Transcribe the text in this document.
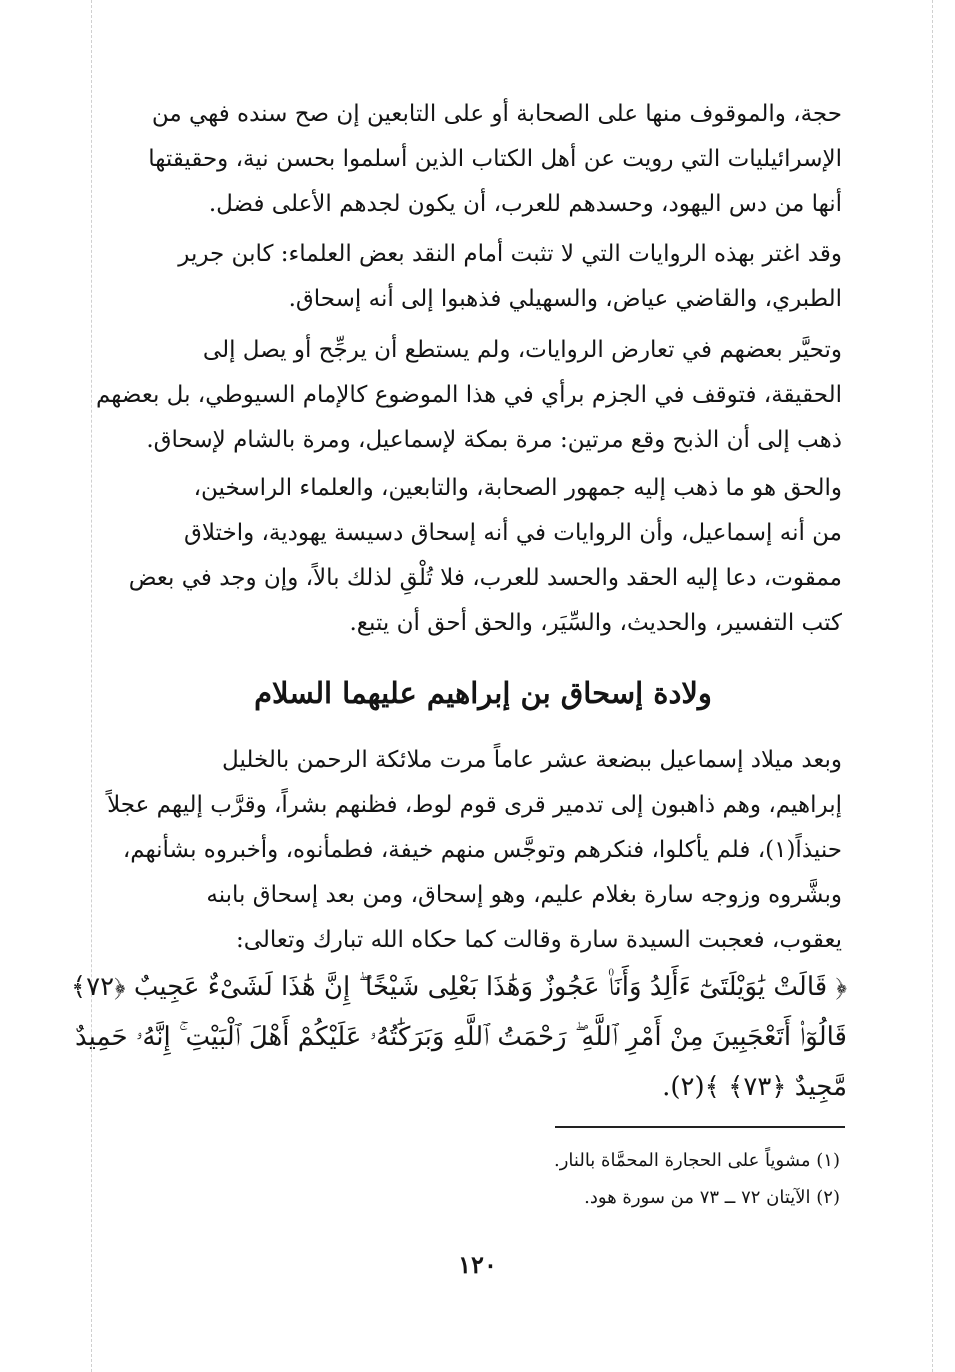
حجة، والموقوف منها على الصحابة أو على التابعين إن صح سنده فهي من

الإسرائيليات التي رويت عن أهل الكتاب الذين أسلموا بحسن نية، وحقيقتها

أنها من دس اليهود، وحسدهم للعرب، أن يكون لجدهم الأعلى فضل.

وقد اغتر بهذه الروايات التي لا تثبت أمام النقد بعض العلماء: كابن جرير

الطبري، والقاضي عياض، والسهيلي فذهبوا إلى أنه إسحاق.

وتحيَّر بعضهم في تعارض الروايات، ولم يستطع أن يرجِّح أو يصل إلى

الحقيقة، فتوقف في الجزم برأي في هذا الموضوع كالإمام السيوطي، بل بعضهم

ذهب إلى أن الذبح وقع مرتين: مرة بمكة لإسماعيل، ومرة بالشام لإسحاق.

والحق هو ما ذهب إليه جمهور الصحابة، والتابعين، والعلماء الراسخين،

من أنه إسماعيل، وأن الروايات في أنه إسحاق دسيسة يهودية، واختلاق

ممقوت، دعا إليه الحقد والحسد للعرب، فلا تُلْقِ لذلك بالاً، وإن وجد في بعض

كتب التفسير، والحديث، والسِّيَر، والحق أحق أن يتبع.

ولادة إسحاق بن إبراهيم عليهما السلام

وبعد ميلاد إسماعيل ببضعة عشر عاماً مرت ملائكة الرحمن بالخليل

إبراهيم، وهم ذاهبون إلى تدمير قرى قوم لوط، فظنهم بشراً، وقرَّب إليهم عجلاً

حنيذاً(١)، فلم يأكلوا، فنكرهم وتوجَّس منهم خيفة، فطمأنوه، وأخبروه بشأنهم،

وبشَّروه وزوجه سارة بغلام عليم، وهو إسحاق، ومن بعد إسحاق بابنه

يعقوب، فعجبت السيدة سارة وقالت كما حكاه الله تبارك وتعالى:

﴿ قَالَتْ يَٰوَيْلَتَىٰٓ ءَأَلِدُ وَأَنَا۠ عَجُوزٌ وَهَٰذَا بَعْلِى شَيْخًا ۖ إِنَّ هَٰذَا لَشَىْءٌ عَجِيبٌ ﴿٧٢﴾

قَالُوٓا۟ أَتَعْجَبِينَ مِنْ أَمْرِ ٱللَّهِ ۖ رَحْمَتُ ٱللَّهِ وَبَرَكَٰتُهُۥ عَلَيْكُمْ أَهْلَ ٱلْبَيْتِ ۚ إِنَّهُۥ حَمِيدٌ

مَّجِيدٌ ﴿٧٣﴾ ﴾(٢).

(١) مشوياً على الحجارة المحمَّاة بالنار.

(٢) الآيتان ٧٢ ــ ٧٣ من سورة هود.

١٢٠
